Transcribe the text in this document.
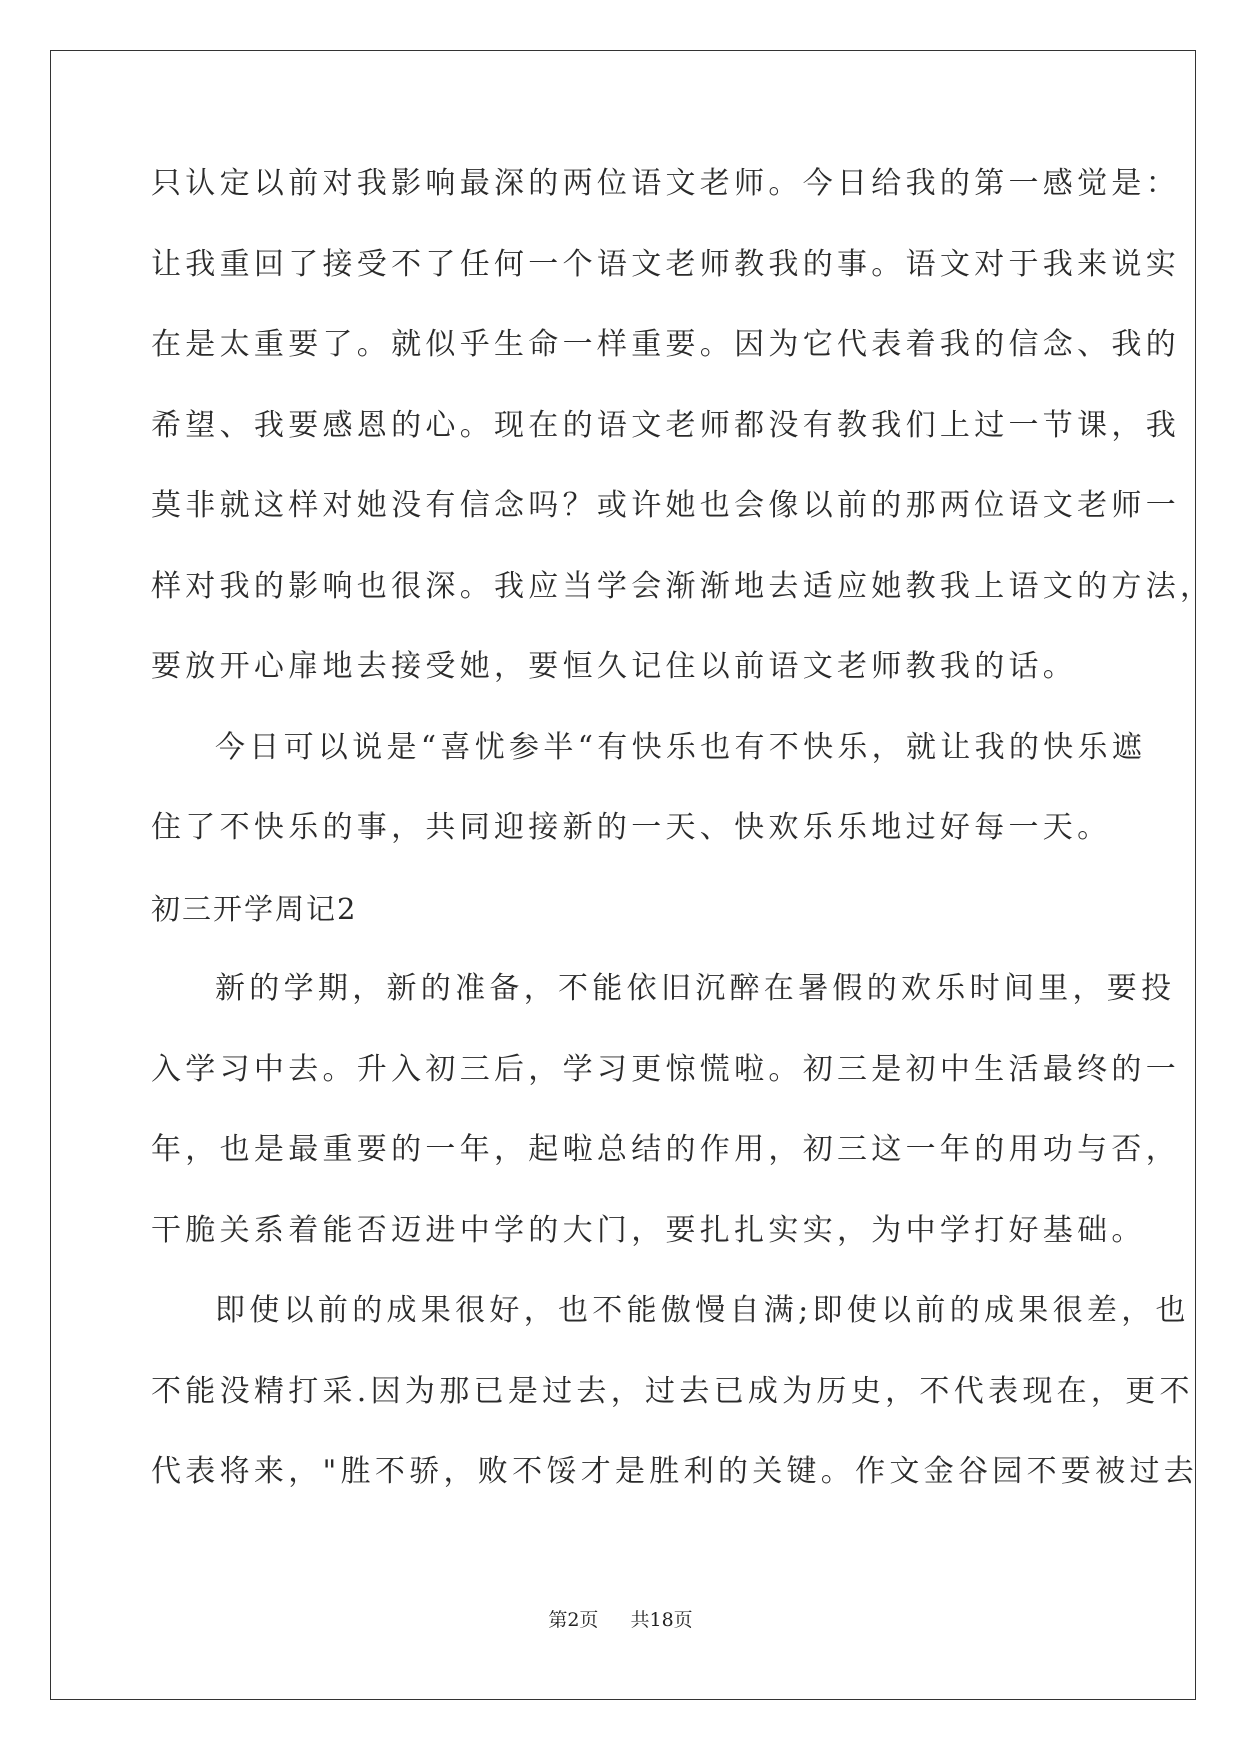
只认定以前对我影响最深的两位语文老师。今日给我的第一感觉是：
让我重回了接受不了任何一个语文老师教我的事。语文对于我来说实
在是太重要了。就似乎生命一样重要。因为它代表着我的信念、我的
希望、我要感恩的心。现在的语文老师都没有教我们上过一节课，我
莫非就这样对她没有信念吗？或许她也会像以前的那两位语文老师一
样对我的影响也很深。我应当学会渐渐地去适应她教我上语文的方法，
要放开心扉地去接受她，要恒久记住以前语文老师教我的话。
今日可以说是“喜忧参半“有快乐也有不快乐，就让我的快乐遮
住了不快乐的事，共同迎接新的一天、快欢乐乐地过好每一天。
初三开学周记2
新的学期，新的准备，不能依旧沉醉在暑假的欢乐时间里，要投
入学习中去。升入初三后，学习更惊慌啦。初三是初中生活最终的一
年，也是最重要的一年，起啦总结的作用，初三这一年的用功与否，
干脆关系着能否迈进中学的大门，要扎扎实实，为中学打好基础。
即使以前的成果很好，也不能傲慢自满;即使以前的成果很差，也
不能没精打采.因为那已是过去，过去已成为历史，不代表现在，更不
代表将来，"胜不骄，败不馁才是胜利的关键。作文金谷园不要被过去
第2页 共18页
